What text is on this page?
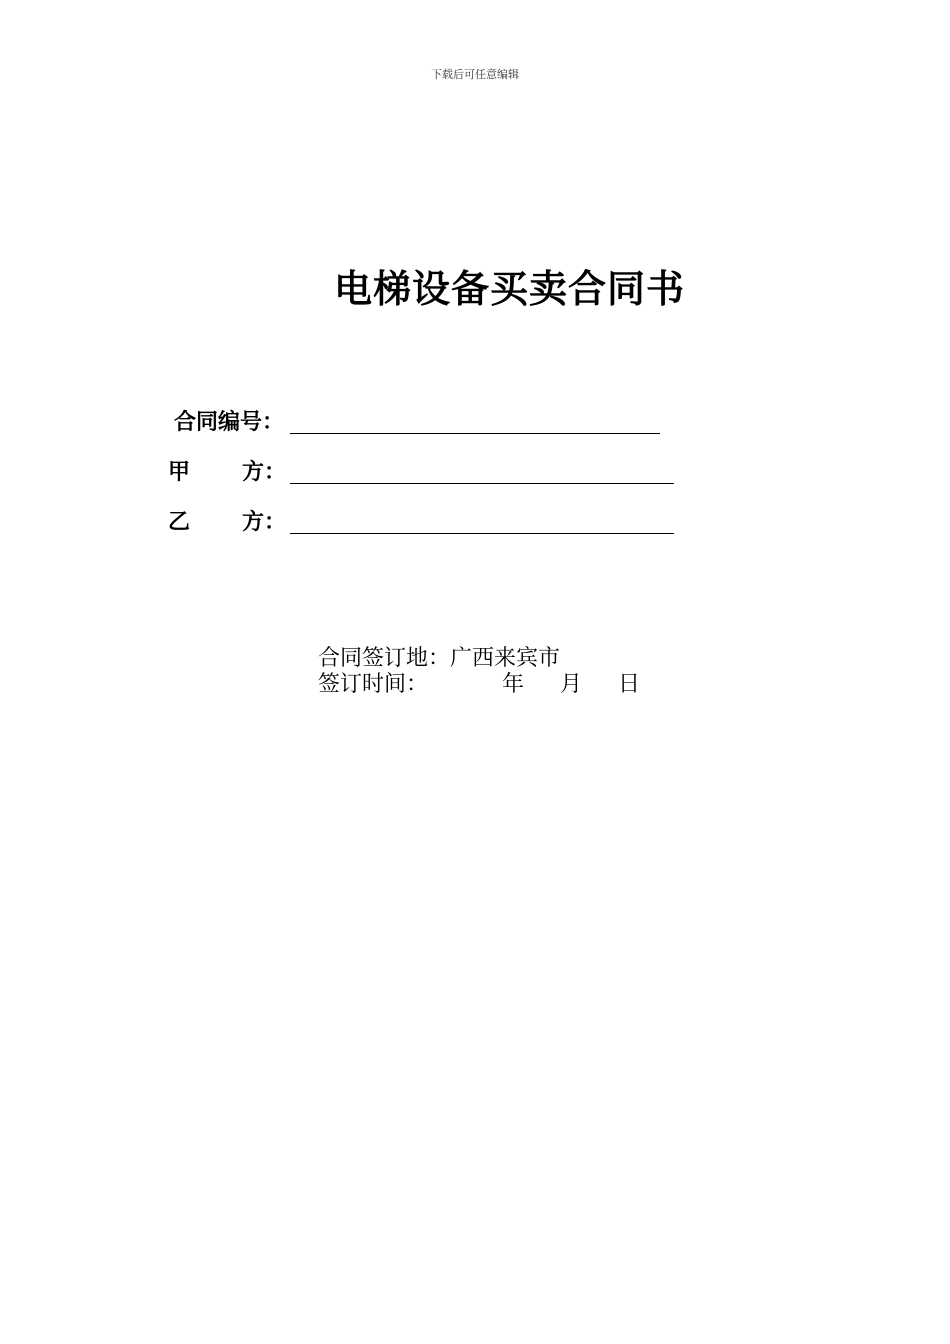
下载后可任意编辑
电梯设备买卖合同书
合同编号：
甲 方：
乙 方：
合同签订地：广西来宾市
签订时间：	年 月 日
